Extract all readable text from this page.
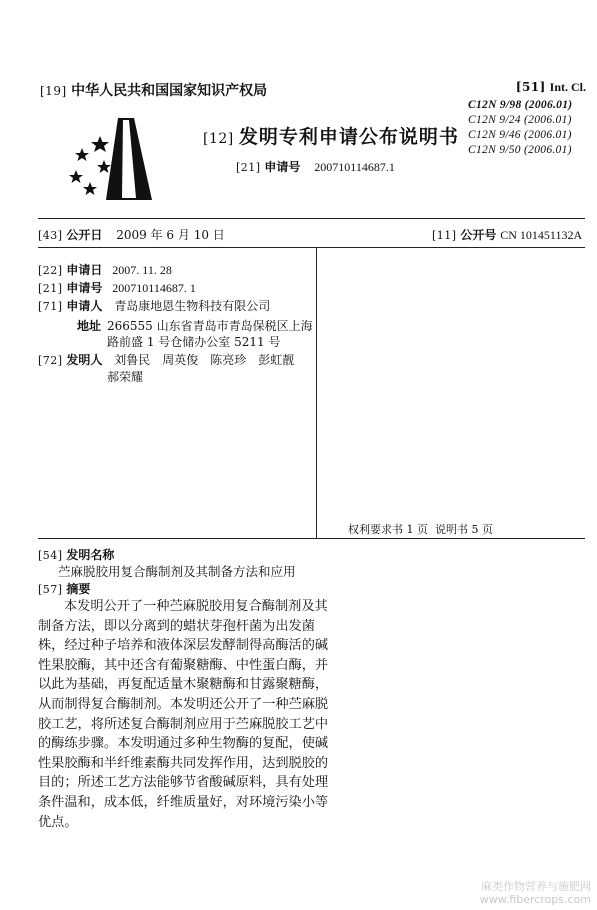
[19] 中华人民共和国国家知识产权局
[12] 发明专利申请公布说明书
[21] 申请号 200710114687.1
[51] Int. Cl.
C12N 9/98 (2006.01)
C12N 9/24 (2006.01)
C12N 9/46 (2006.01)
C12N 9/50 (2006.01)
[43] 公开日 2009 年 6 月 10 日	[11] 公开号 CN 101451132A
[22] 申请日 2007. 11. 28
[21] 申请号 200710114687. 1
[71] 申请人 青岛康地恩生物科技有限公司
地址 266555 山东省青岛市青岛保税区上海
路前盛 1 号仓储办公室 5211 号
[72] 发明人 刘鲁民　周英俊　陈亮珍　彭虹靓
郝荣耀
权利要求书 1 页  说明书 5 页
[54] 发明名称
苎麻脱胶用复合酶制剂及其制备方法和应用
[57] 摘要

本发明公开了一种苎麻脱胶用复合酶制剂及其

制备方法，即以分离到的蜡状芽孢杆菌为出发菌

株，经过种子培养和液体深层发酵制得高酶活的碱

性果胶酶，其中还含有葡聚糖酶、中性蛋白酶，并

以此为基础，再复配适量木聚糖酶和甘露聚糖酶，

从而制得复合酶制剂。本发明还公开了一种苎麻脱

胶工艺，将所述复合酶制剂应用于苎麻脱胶工艺中

的酶练步骤。本发明通过多种生物酶的复配，使碱

性果胶酶和半纤维素酶共同发挥作用，达到脱胶的

目的；所述工艺方法能够节省酸碱原料，具有处理

条件温和，成本低，纤维质量好，对环境污染小等

优点。

麻类作物营养与施肥网
www.fibercrops.com
